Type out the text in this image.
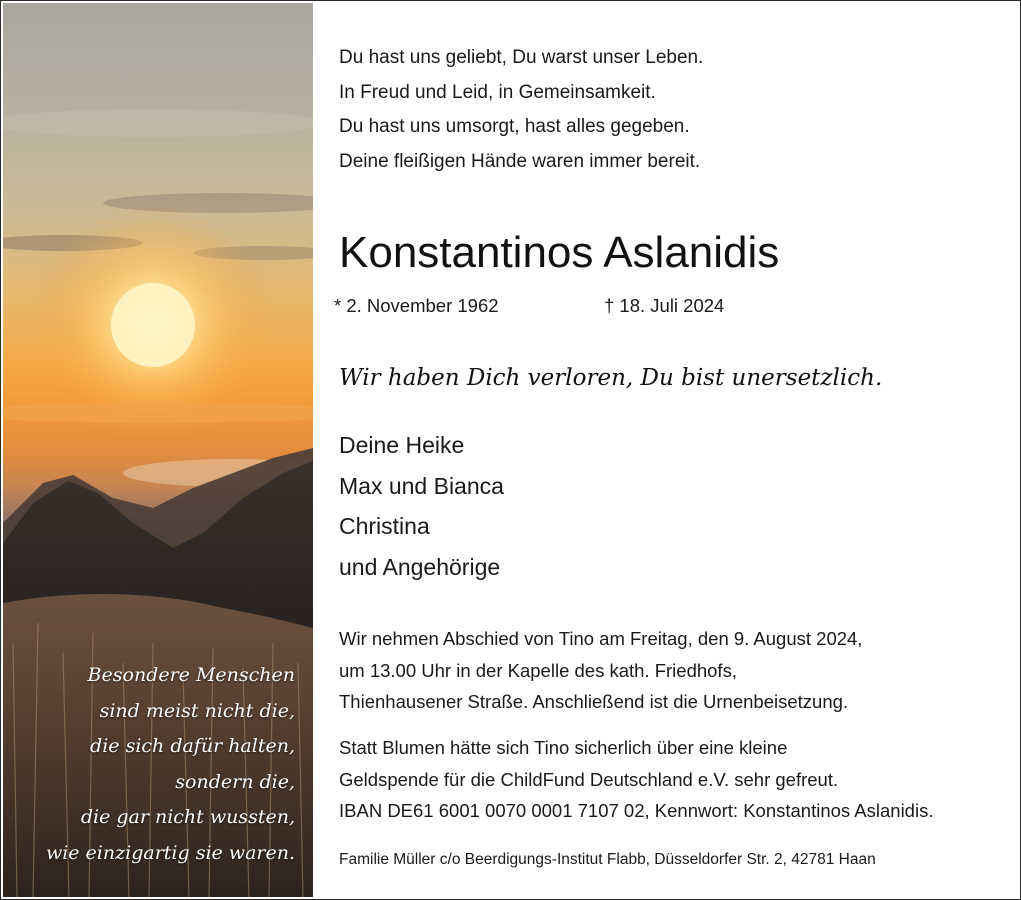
Besondere Menschen
sind meist nicht die,
die sich dafür halten,
sondern die,
die gar nicht wussten,
wie einzigartig sie waren.
Du hast uns geliebt, Du warst unser Leben.
In Freud und Leid, in Gemeinsamkeit.
Du hast uns umsorgt, hast alles gegeben.
Deine fleißigen Hände waren immer bereit.
Konstantinos Aslanidis
* 2. November 1962	† 18. Juli 2024
Wir haben Dich verloren, Du bist unersetzlich.
Deine Heike
Max und Bianca
Christina
und Angehörige
Wir nehmen Abschied von Tino am Freitag, den 9. August 2024,
um 13.00 Uhr in der Kapelle des kath. Friedhofs,
Thienhausener Straße. Anschließend ist die Urnenbeisetzung.
Statt Blumen hätte sich Tino sicherlich über eine kleine
Geldspende für die ChildFund Deutschland e.V. sehr gefreut.
IBAN DE61 6001 0070 0001 7107 02, Kennwort: Konstantinos Aslanidis.
Familie Müller c/o Beerdigungs-Institut Flabb, Düsseldorfer Str. 2, 42781 Haan
